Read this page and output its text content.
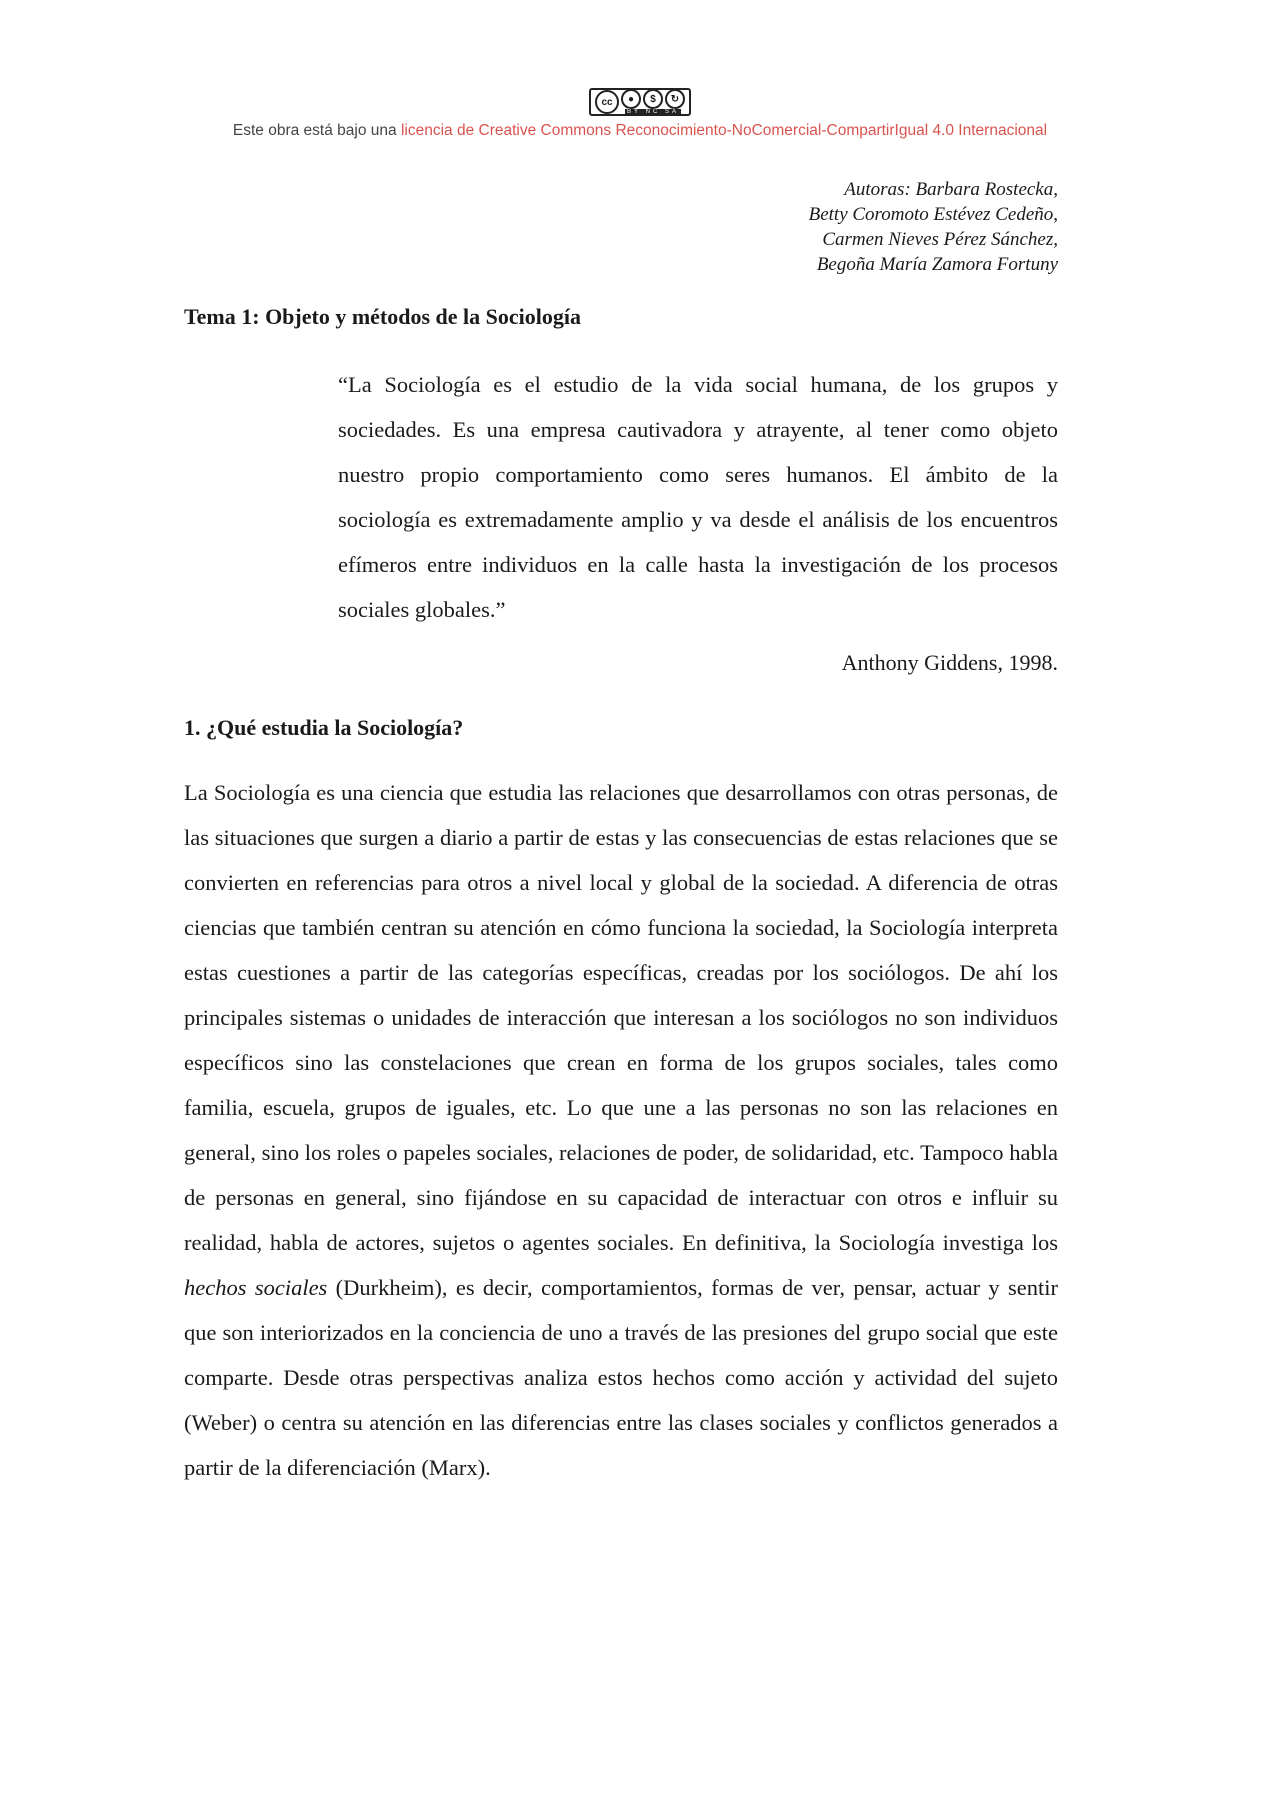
cc	●	$	↻
BY NC SA
Este obra está bajo una licencia de Creative Commons Reconocimiento-NoComercial-CompartirIgual 4.0 Internacional
Autoras: Barbara Rostecka,
Betty Coromoto Estévez Cedeño,
Carmen Nieves Pérez Sánchez,
Begoña María Zamora Fortuny
Tema 1: Objeto y métodos de la Sociología
“La Sociología es el estudio de la vida social humana, de los grupos y sociedades. Es una empresa cautivadora y atrayente, al tener como objeto nuestro propio comportamiento como seres humanos. El ámbito de la sociología es extremadamente amplio y va desde el análisis de los encuentros efímeros entre individuos en la calle hasta la investigación de los procesos sociales globales.”
Anthony Giddens, 1998.
1. ¿Qué estudia la Sociología?
La Sociología es una ciencia que estudia las relaciones que desarrollamos con otras personas, de las situaciones que surgen a diario a partir de estas y las consecuencias de estas relaciones que se convierten en referencias para otros a nivel local y global de la sociedad. A diferencia de otras ciencias que también centran su atención en cómo funciona la sociedad, la Sociología interpreta estas cuestiones a partir de las categorías específicas, creadas por los sociólogos. De ahí los principales sistemas o unidades de interacción que interesan a los sociólogos no son individuos específicos sino las constelaciones que crean en forma de los grupos sociales, tales como familia, escuela, grupos de iguales, etc. Lo que une a las personas no son las relaciones en general, sino los roles o papeles sociales, relaciones de poder, de solidaridad, etc. Tampoco habla de personas en general, sino fijándose en su capacidad de interactuar con otros e influir su realidad, habla de actores, sujetos o agentes sociales. En definitiva, la Sociología investiga los hechos sociales (Durkheim), es decir, comportamientos, formas de ver, pensar, actuar y sentir que son interiorizados en la conciencia de uno a través de las presiones del grupo social que este comparte. Desde otras perspectivas analiza estos hechos como acción y actividad del sujeto (Weber) o centra su atención en las diferencias entre las clases sociales y conflictos generados a partir de la diferenciación (Marx).
